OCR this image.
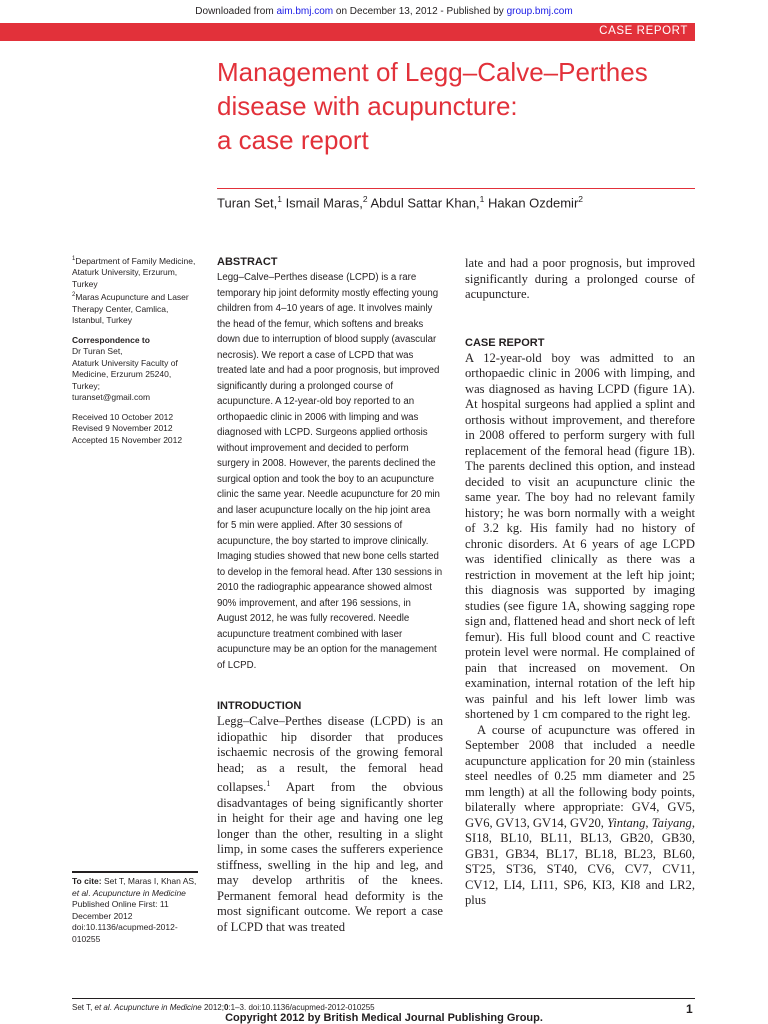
Downloaded from aim.bmj.com on December 13, 2012 - Published by group.bmj.com
CASE REPORT
Management of Legg–Calve–Perthes
disease with acupuncture:
a case report
Turan Set,$^1$ Ismail Maras,$^2$ Abdul Sattar Khan,$^1$ Hakan Ozdemir$^2$

$^1$Department of Family Medicine, Ataturk University, Erzurum, Turkey

$^2$Maras Acupuncture and Laser Therapy Center, Camlica, Istanbul, Turkey

Correspondence to

Dr Turan Set,

Ataturk University Faculty of Medicine, Erzurum 25240, Turkey;

turanset@gmail.com

Received 10 October 2012

Revised 9 November 2012

Accepted 15 November 2012

To cite: Set T, Maras I, Khan AS, et al. Acupuncture in Medicine Published Online First: 11 December 2012 doi:10.1136/acupmed-2012-010255

ABSTRACT

Legg–Calve–Perthes disease (LCPD) is a rare temporary hip joint deformity mostly effecting young children from 4–10 years of age. It involves mainly the head of the femur, which softens and breaks down due to interruption of blood supply (avascular necrosis). We report a case of LCPD that was treated late and had a poor prognosis, but improved significantly during a prolonged course of acupuncture. A 12-year-old boy reported to an orthopaedic clinic in 2006 with limping and was diagnosed with LCPD. Surgeons applied orthosis without improvement and decided to perform surgery in 2008. However, the parents declined the surgical option and took the boy to an acupuncture clinic the same year. Needle acupuncture for 20 min and laser acupuncture locally on the hip joint area for 5 min were applied. After 30 sessions of acupuncture, the boy started to improve clinically. Imaging studies showed that new bone cells started to develop in the femoral head. After 130 sessions in 2010 the radiographic appearance showed almost 90% improvement, and after 196 sessions, in August 2012, he was fully recovered. Needle acupuncture treatment combined with laser acupuncture may be an option for the management of LCPD.

INTRODUCTION

Legg–Calve–Perthes disease (LCPD) is an idiopathic hip disorder that produces ischaemic necrosis of the growing femoral head; as a result, the femoral head collapses.$^1$ Apart from the obvious disadvantages of being significantly shorter in height for their age and having one leg longer than the other, resulting in a slight limp, in some cases the sufferers experience stiffness, swelling in the hip and leg, and may develop arthritis of the knees. Permanent femoral head deformity is the most significant outcome. We report a case of LCPD that was treated

late and had a poor prognosis, but improved significantly during a prolonged course of acupuncture.

CASE REPORT

A 12-year-old boy was admitted to an orthopaedic clinic in 2006 with limping, and was diagnosed as having LCPD (figure 1A). At hospital surgeons had applied a splint and orthosis without improvement, and therefore in 2008 offered to perform surgery with full replacement of the femoral head (figure 1B). The parents declined this option, and instead decided to visit an acupuncture clinic the same year. The boy had no relevant family history; he was born normally with a weight of 3.2 kg. His family had no history of chronic disorders. At 6 years of age LCPD was identified clinically as there was a restriction in movement at the left hip joint; this diagnosis was supported by imaging studies (see figure 1A, showing sagging rope sign and, flattened head and short neck of left femur). His full blood count and C reactive protein level were normal. He complained of pain that increased on movement. On examination, internal rotation of the left hip was painful and his left lower limb was shortened by 1 cm compared to the right leg.

A course of acupuncture was offered in September 2008 that included a needle acupuncture application for 20 min (stainless steel needles of 0.25 mm diameter and 25 mm length) at all the following body points, bilaterally where appropriate: GV4, GV5, GV6, GV13, GV14, GV20, Yintang, Taiyang, SI18, BL10, BL11, BL13, GB20, GB30, GB31, GB34, BL17, BL18, BL23, BL60, ST25, ST36, ST40, CV6, CV7, CV11, CV12, LI4, LI11, SP6, KI3, KI8 and LR2, plus

Set T, et al. Acupuncture in Medicine 2012;0:1–3. doi:10.1136/acupmed-2012-010255	1
Copyright 2012 by British Medical Journal Publishing Group.
